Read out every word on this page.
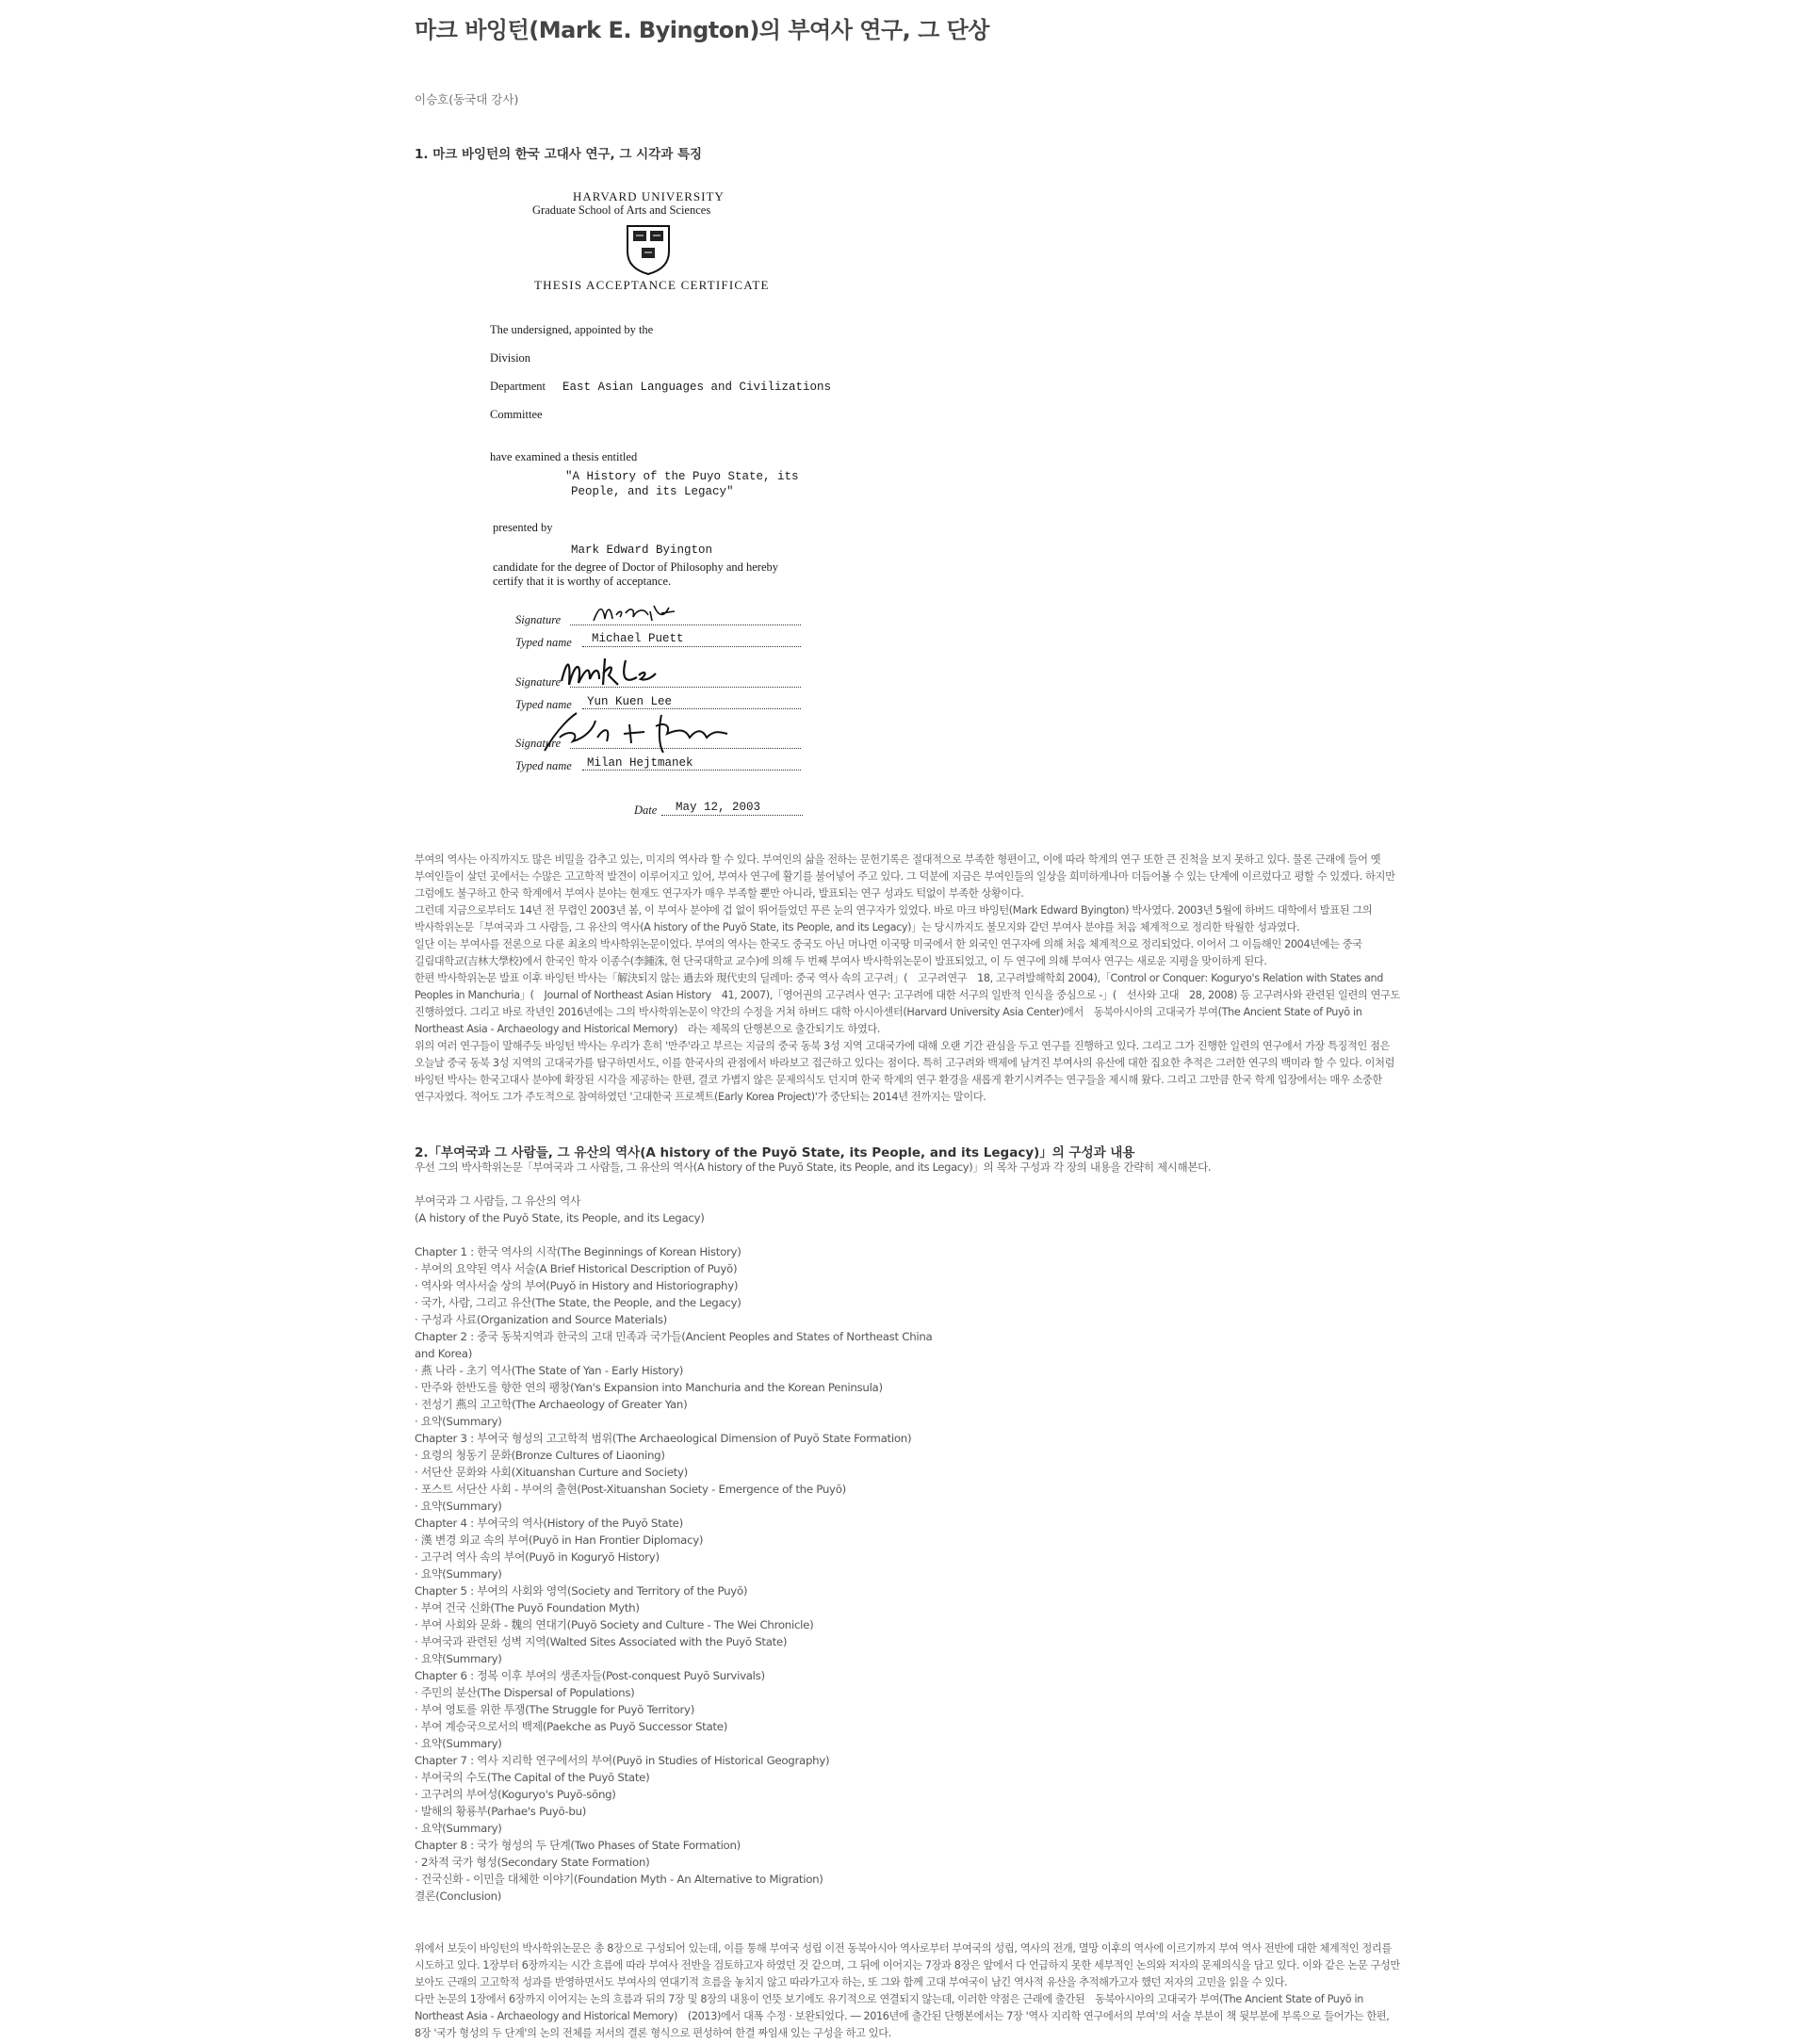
마크 바잉턴(Mark E. Byington)의 부여사 연구, 그 단상
이승호(동국대 강사)
1. 마크 바잉턴의 한국 고대사 연구, 그 시각과 특징

부여의 역사는 아직까지도 많은 비밀을 감추고 있는, 미지의 역사라 할 수 있다. 부여인의 삶을 전하는 문헌기록은 절대적으로 부족한 형편이고, 이에 따라 학계의 연구 또한 큰 진척을 보지 못하고 있다. 물론 근래에 들어 옛 부여인들이 살던 곳에서는 수많은 고고학적 발견이 이루어지고 있어, 부여사 연구에 활기를 불어넣어 주고 있다. 그 덕분에 지금은 부여인들의 일상을 희미하게나마 더듬어볼 수 있는 단계에 이르렀다고 평할 수 있겠다. 하지만 그럼에도 불구하고 한국 학계에서 부여사 분야는 현재도 연구자가 매우 부족할 뿐만 아니라, 발표되는 연구 성과도 턱없이 부족한 상황이다.

그런데 지금으로부터도 14년 전 무렵인 2003년 봄, 이 부여사 분야에 겁 없이 뛰어들었던 푸른 눈의 연구자가 있었다. 바로 마크 바잉턴(Mark Edward Byington) 박사였다. 2003년 5월에 하버드 대학에서 발표된 그의 박사학위논문「부여국과 그 사람들, 그 유산의 역사(A history of the Puyŏ State, its People, and its Legacy)」는 당시까지도 불모지와 같던 부여사 분야를 처음 체계적으로 정리한 탁월한 성과였다.

일단 이는 부여사를 전론으로 다룬 최초의 박사학위논문이었다. 부여의 역사는 한국도 중국도 아닌 머나먼 이국땅 미국에서 한 외국인 연구자에 의해 처음 체계적으로 정리되었다. 이어서 그 이듬해인 2004년에는 중국 길림대학교(吉林大學校)에서 한국인 학자 이종수(李鍾洙, 현 단국대학교 교수)에 의해 두 번째 부여사 박사학위논문이 발표되었고, 이 두 연구에 의해 부여사 연구는 새로운 지평을 맞이하게 된다.

한편 박사학위논문 발표 이후 바잉턴 박사는「解決되지 않는 過去와 現代史의 딜레마: 중국 역사 속의 고구려」(　고구려연구　18, 고구려발해학회 2004),「Control or Conquer: Koguryo's Relation with States and Peoples in Manchuria」(　Journal of Northeast Asian History　41, 2007),「영어권의 고구려사 연구: 고구려에 대한 서구의 일반적 인식을 중심으로 -」(　선사와 고대　28, 2008) 등 고구려사와 관련된 일련의 연구도 진행하였다. 그리고 바로 작년인 2016년에는 그의 박사학위논문이 약간의 수정을 거쳐 하버드 대학 아시아센터(Harvard University Asia Center)에서　동북아시아의 고대국가 부여(The Ancient State of Puyŏ in Northeast Asia - Archaeology and Historical Memory)　라는 제목의 단행본으로 출간되기도 하였다.

위의 여러 연구들이 말해주듯 바잉턴 박사는 우리가 흔히 '만주'라고 부르는 지금의 중국 동북 3성 지역 고대국가에 대해 오랜 기간 관심을 두고 연구를 진행하고 있다. 그리고 그가 진행한 일련의 연구에서 가장 특징적인 점은 오늘날 중국 동북 3성 지역의 고대국가를 탐구하면서도, 이를 한국사의 관점에서 바라보고 접근하고 있다는 점이다. 특히 고구려와 백제에 남겨진 부여사의 유산에 대한 집요한 추적은 그러한 연구의 백미라 할 수 있다. 이처럼 바잉턴 박사는 한국고대사 분야에 확장된 시각을 제공하는 한편, 결코 가볍지 않은 문제의식도 던지며 한국 학계의 연구 환경을 새롭게 환기시켜주는 연구들을 제시해 왔다. 그리고 그만큼 한국 학계 입장에서는 매우 소중한 연구자였다. 적어도 그가 주도적으로 참여하였던 '고대한국 프로젝트(Early Korea Project)'가 중단되는 2014년 전까지는 말이다.

2.「부여국과 그 사람들, 그 유산의 역사(A history of the Puyŏ State, its People, and its Legacy)」의 구성과 내용
우선 그의 박사학위논문「부여국과 그 사람들, 그 유산의 역사(A history of the Puyŏ State, its People, and its Legacy)」의 목차 구성과 각 장의 내용을 간략히 제시해본다.
부여국과 그 사람들, 그 유산의 역사
(A history of the Puyŏ State, its People, and its Legacy)
Chapter 1 : 한국 역사의 시작(The Beginnings of Korean History)
· 부여의 요약된 역사 서술(A Brief Historical Description of Puyŏ)
· 역사와 역사서술 상의 부여(Puyŏ in History and Historiography)
· 국가, 사람, 그리고 유산(The State, the People, and the Legacy)
· 구성과 사료(Organization and Source Materials)
Chapter 2 : 중국 동북지역과 한국의 고대 민족과 국가들(Ancient Peoples and States of Northeast China and Korea)
· 燕 나라 - 초기 역사(The State of Yan - Early History)
· 만주와 한반도를 향한 연의 팽창(Yan's Expansion into Manchuria and the Korean Peninsula)
· 전성기 燕의 고고학(The Archaeology of Greater Yan)
· 요약(Summary)
Chapter 3 : 부여국 형성의 고고학적 범위(The Archaeological Dimension of Puyŏ State Formation)
· 요령의 청동기 문화(Bronze Cultures of Liaoning)
· 서단산 문화와 사회(Xituanshan Curture and Society)
· 포스트 서단산 사회 - 부여의 출현(Post-Xituanshan Society - Emergence of the Puyŏ)
· 요약(Summary)
Chapter 4 : 부여국의 역사(History of the Puyŏ State)
· 漢 변경 외교 속의 부여(Puyŏ in Han Frontier Diplomacy)
· 고구려 역사 속의 부여(Puyŏ in Koguryŏ History)
· 요약(Summary)
Chapter 5 : 부여의 사회와 영역(Society and Territory of the Puyŏ)
· 부여 건국 신화(The Puyŏ Foundation Myth)
· 부여 사회와 문화 - 魏의 연대기(Puyŏ Society and Culture - The Wei Chronicle)
· 부여국과 관련된 성벽 지역(Walted Sites Associated with the Puyŏ State)
· 요약(Summary)
Chapter 6 : 정복 이후 부여의 생존자들(Post-conquest Puyŏ Survivals)
· 주민의 분산(The Dispersal of Populations)
· 부여 영토를 위한 투쟁(The Struggle for Puyŏ Territory)
· 부여 계승국으로서의 백제(Paekche as Puyŏ Successor State)
· 요약(Summary)
Chapter 7 : 역사 지리학 연구에서의 부여(Puyŏ in Studies of Historical Geography)
· 부여국의 수도(The Capital of the Puyŏ State)
· 고구려의 부여성(Koguryo's Puyŏ-sŏng)
· 발해의 황룡부(Parhae's Puyŏ-bu)
· 요약(Summary)
Chapter 8 : 국가 형성의 두 단계(Two Phases of State Formation)
· 2차적 국가 형성(Secondary State Formation)
· 건국신화 - 이민을 대체한 이야기(Foundation Myth - An Alternative to Migration)
결론(Conclusion)

위에서 보듯이 바잉턴의 박사학위논문은 총 8장으로 구성되어 있는데, 이를 통해 부여국 성립 이전 동북아시아 역사로부터 부여국의 성립, 역사의 전개, 멸망 이후의 역사에 이르기까지 부여 역사 전반에 대한 체계적인 정리를 시도하고 있다. 1장부터 6장까지는 시간 흐름에 따라 부여사 전반을 검토하고자 하였던 것 같으며, 그 뒤에 이어지는 7장과 8장은 앞에서 다 언급하지 못한 세부적인 논의와 저자의 문제의식을 담고 있다. 이와 같은 논문 구성만 보아도 근래의 고고학적 성과를 반영하면서도 부여사의 연대기적 흐름을 놓치지 않고 따라가고자 하는, 또 그와 함께 고대 부여국이 남긴 역사적 유산을 추적해가고자 했던 저자의 고민을 읽을 수 있다.

다만 논문의 1장에서 6장까지 이어지는 논의 흐름과 뒤의 7장 및 8장의 내용이 언뜻 보기에도 유기적으로 연결되지 않는데, 이러한 약점은 근래에 출간된　동북아시아의 고대국가 부여(The Ancient State of Puyŏ in Northeast Asia - Archaeology and Historical Memory)　(2013)에서 대폭 수정 · 보완되었다. ― 2016년에 출간된 단행본에서는 7장 '역사 지리학 연구에서의 부여'의 서술 부분이 책 뒷부분에 부록으로 들어가는 한편, 8장 '국가 형성의 두 단계'의 논의 전체를 저서의 결론 형식으로 편성하여 한결 짜임새 있는 구성을 하고 있다.

HARVARD UNIVERSITY
Graduate School of Arts and Sciences
THESIS ACCEPTANCE CERTIFICATE
The undersigned, appointed by the
Division
Department East Asian Languages and Civilizations
Committee
have examined a thesis entitled
"A History of the Puyo State, its
People, and its Legacy"
presented by
Mark Edward Byington
candidate for the degree of Doctor of Philosophy and hereby
certify that it is worthy of acceptance.
Signature
Typed name Michael Puett
Signature
Typed name Yun Kuen Lee
Signature
Typed name Milan Hejtmanek
Date May 12, 2003
